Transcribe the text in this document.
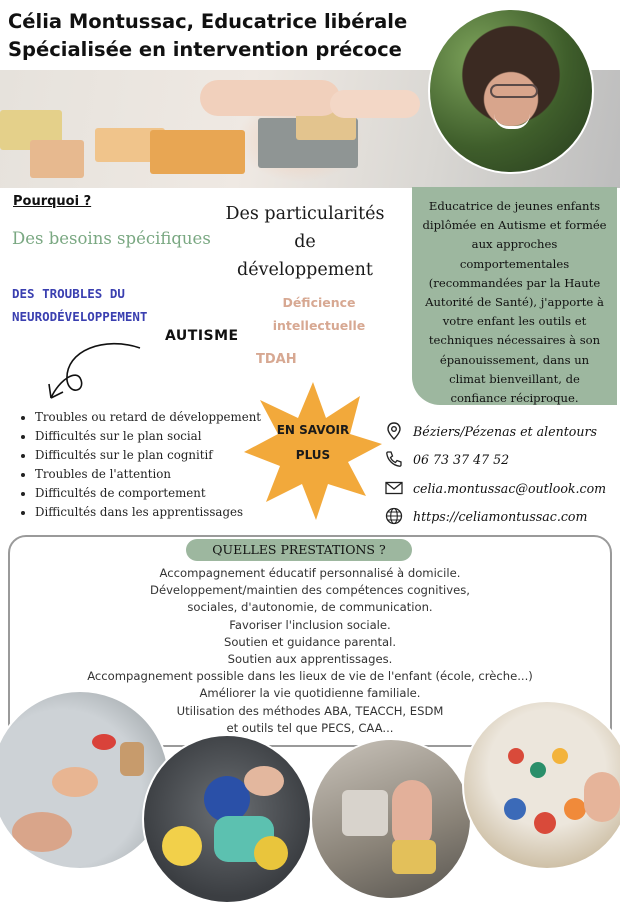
Célia Montussac, Educatrice libérale
Spécialisée en intervention précoce
Pourquoi ?
Des besoins spécifiques
Des particularités
de
développement
DES TROUBLES DU
NEURODÉVELOPPEMENT
AUTISME
Déficience
intellectuelle
TDAH
• Troubles ou retard de développement
• Difficultés sur le plan social
• Difficultés sur le plan cognitif
• Troubles de l'attention
• Difficultés de comportement
• Difficultés dans les apprentissages
Educatrice de jeunes enfants diplômée en Autisme et formée aux approches comportementales (recommandées par la Haute Autorité de Santé), j'apporte à votre enfant les outils et techniques nécessaires à son épanouissement, dans un climat bienveillant, de confiance réciproque.
EN SAVOIR
PLUS
Béziers/Pézenas et alentours
06 73 37 47 52
celia.montussac@outlook.com
https://celiamontussac.com
QUELLES PRESTATIONS ?
Accompagnement éducatif personnalisé à domicile.
Développement/maintien des compétences cognitives,
sociales, d'autonomie, de communication.
Favoriser l'inclusion sociale.
Soutien et guidance parental.
Soutien aux apprentissages.
Accompagnement possible dans les lieux de vie de l'enfant (école, crèche...)
Améliorer la vie quotidienne familiale.
Utilisation des méthodes ABA, TEACCH, ESDM
et outils tel que PECS, CAA...
